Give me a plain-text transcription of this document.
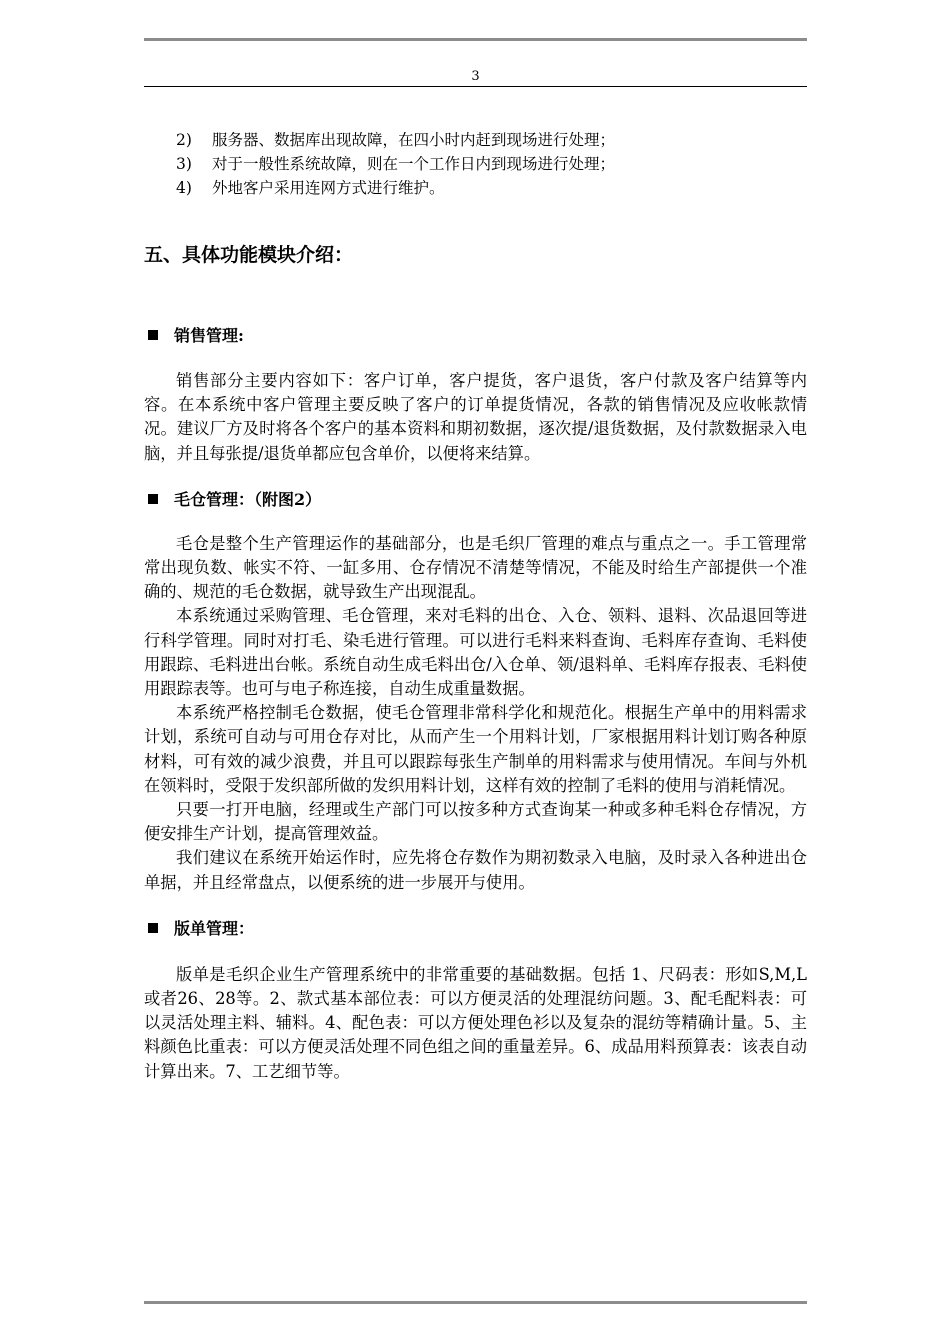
3
2) 服务器、数据库出现故障，在四小时内赶到现场进行处理；
3) 对于一般性系统故障，则在一个工作日内到现场进行处理；
4) 外地客户采用连网方式进行维护。
五、具体功能模块介绍：
销售管理:

销售部分主要内容如下：客户订单，客户提货，客户退货，客户付款及客户结算等内容。在本系统中客户管理主要反映了客户的订单提货情况，各款的销售情况及应收帐款情况。建议厂方及时将各个客户的基本资料和期初数据，逐次提/退货数据，及付款数据录入电脑，并且每张提/退货单都应包含单价，以便将来结算。

毛仓管理：（附图2）

毛仓是整个生产管理运作的基础部分，也是毛织厂管理的难点与重点之一。手工管理常常出现负数、帐实不符、一缸多用、仓存情况不清楚等情况，不能及时给生产部提供一个准确的、规范的毛仓数据，就导致生产出现混乱。

本系统通过采购管理、毛仓管理，来对毛料的出仓、入仓、领料、退料、次品退回等进行科学管理。同时对打毛、染毛进行管理。可以进行毛料来料查询、毛料库存查询、毛料使用跟踪、毛料进出台帐。系统自动生成毛料出仓/入仓单、领/退料单、毛料库存报表、毛料使用跟踪表等。也可与电子称连接，自动生成重量数据。

本系统严格控制毛仓数据，使毛仓管理非常科学化和规范化。根据生产单中的用料需求计划，系统可自动与可用仓存对比，从而产生一个用料计划，厂家根据用料计划订购各种原材料，可有效的减少浪费，并且可以跟踪每张生产制单的用料需求与使用情况。车间与外机在领料时，受限于发织部所做的发织用料计划，这样有效的控制了毛料的使用与消耗情况。

只要一打开电脑，经理或生产部门可以按多种方式查询某一种或多种毛料仓存情况，方便安排生产计划，提高管理效益。

我们建议在系统开始运作时，应先将仓存数作为期初数录入电脑，及时录入各种进出仓单据，并且经常盘点，以便系统的进一步展开与使用。

版单管理：

版单是毛织企业生产管理系统中的非常重要的基础数据。包括 1、尺码表：形如S,M,L或者26、28等。2、款式基本部位表：可以方便灵活的处理混纺问题。3、配毛配料表：可以灵活处理主料、辅料。4、配色表：可以方便处理色衫以及复杂的混纺等精确计量。5、主料颜色比重表：可以方便灵活处理不同色组之间的重量差异。6、成品用料预算表：该表自动计算出来。7、工艺细节等。
